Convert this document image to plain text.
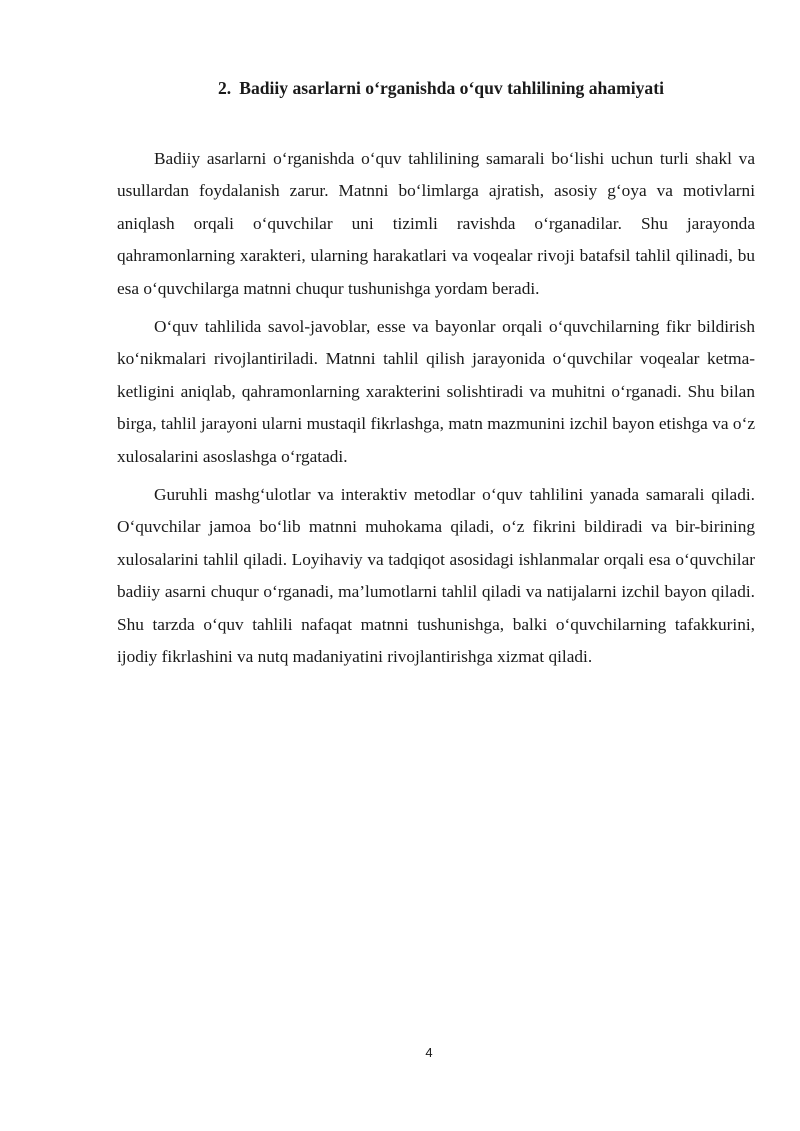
2. Badiiy asarlarni o‘rganishda o‘quv tahlilining ahamiyati

Badiiy asarlarni o‘rganishda o‘quv tahlilining samarali bo‘lishi uchun turli shakl va usullardan foydalanish zarur. Matnni bo‘limlarga ajratish, asosiy g‘oya va motivlarni aniqlash orqali o‘quvchilar uni tizimli ravishda o‘rganadilar. Shu jarayonda qahramonlarning xarakteri, ularning harakatlari va voqealar rivoji batafsil tahlil qilinadi, bu esa o‘quvchilarga matnni chuqur tushunishga yordam beradi.

O‘quv tahlilida savol-javoblar, esse va bayonlar orqali o‘quvchilarning fikr bildirish ko‘nikmalari rivojlantiriladi. Matnni tahlil qilish jarayonida o‘quvchilar voqealar ketma-ketligini aniqlab, qahramonlarning xarakterini solishtiradi va muhitni o‘rganadi. Shu bilan birga, tahlil jarayoni ularni mustaqil fikrlashga, matn mazmunini izchil bayon etishga va o‘z xulosalarini asoslashga o‘rgatadi.

Guruhli mashg‘ulotlar va interaktiv metodlar o‘quv tahlilini yanada samarali qiladi. O‘quvchilar jamoa bo‘lib matnni muhokama qiladi, o‘z fikrini bildiradi va bir-birining xulosalarini tahlil qiladi. Loyihaviy va tadqiqot asosidagi ishlanmalar orqali esa o‘quvchilar badiiy asarni chuqur o‘rganadi, ma’lumotlarni tahlil qiladi va natijalarni izchil bayon qiladi. Shu tarzda o‘quv tahlili nafaqat matnni tushunishga, balki o‘quvchilarning tafakkurini, ijodiy fikrlashini va nutq madaniyatini rivojlantirishga xizmat qiladi.

4
